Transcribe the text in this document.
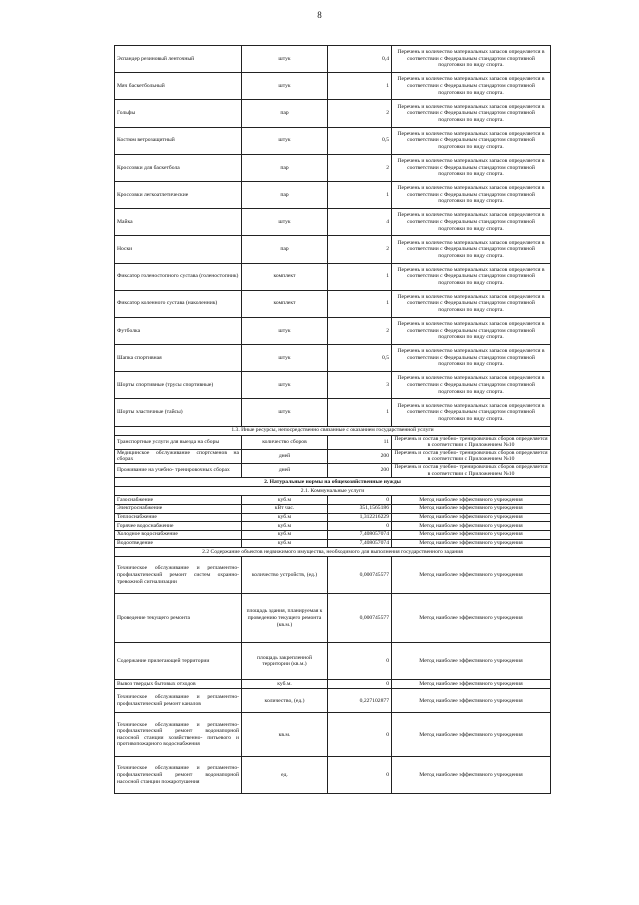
8
Эспандер резиновый ленточный	штук	0,4	Перечень и количество материальных запасов определяется в соответствии с Федеральным стандартом спортивной подготовки по виду спорта.
Мяч баскетбольный	штук	1	Перечень и количество материальных запасов определяется в соответствии с Федеральным стандартом спортивной подготовки по виду спорта.
Гольфы	пар	2	Перечень и количество материальных запасов определяется в соответствии с Федеральным стандартом спортивной подготовки по виду спорта.
Костюм ветрозащитный	штук	0,5	Перечень и количество материальных запасов определяется в соответствии с Федеральным стандартом спортивной подготовки по виду спорта.
Кроссовки для баскетбола	пар	2	Перечень и количество материальных запасов определяется в соответствии с Федеральным стандартом спортивной подготовки по виду спорта.
Кроссовки легкоатлетические	пар	1	Перечень и количество материальных запасов определяется в соответствии с Федеральным стандартом спортивной подготовки по виду спорта.
Майка	штук	4	Перечень и количество материальных запасов определяется в соответствии с Федеральным стандартом спортивной подготовки по виду спорта.
Носки	пар	2	Перечень и количество материальных запасов определяется в соответствии с Федеральным стандартом спортивной подготовки по виду спорта.
Фиксатор голеностопного сустава (голеностопник)	комплект	1	Перечень и количество материальных запасов определяется в соответствии с Федеральным стандартом спортивной подготовки по виду спорта.
Фиксатор коленного сустава (наколенник)	комплект	1	Перечень и количество материальных запасов определяется в соответствии с Федеральным стандартом спортивной подготовки по виду спорта.
Футболка	штук	2	Перечень и количество материальных запасов определяется в соответствии с Федеральным стандартом спортивной подготовки по виду спорта.
Шапка спортивная	штук	0,5	Перечень и количество материальных запасов определяется в соответствии с Федеральным стандартом спортивной подготовки по виду спорта.
Шорты спортивные (трусы спортивные)	штук	3	Перечень и количество материальных запасов определяется в соответствии с Федеральным стандартом спортивной подготовки по виду спорта.
Шорты эластичные (тайсы)	штук	1	Перечень и количество материальных запасов определяется в соответствии с Федеральным стандартом спортивной подготовки по виду спорта.
1.3. Иные ресурсы, непосредственно связанные с оказанием государственной услуги			
Транспортные услуги для выезда на сборы	количество сборов	11	Перечень и состав учебно- тренировочных сборов определяется в соответствии с Приложением №10
Медицинское обслуживание спортсменов на сборах	дней	200	Перечень и состав учебно- тренировочных сборов определяется в соответствии с Приложением №10
Проживание на учебно- тренировочных сборах	дней	200	Перечень и состав учебно- тренировочных сборов определяется в соответствии с Приложением №10
2. Натуральные нормы на общехозяйственные нужды			
2.1. Коммунальные услуги			
Газоснабжение	куб.м	0	Метод наиболее эффективного учреждения
Электроснабжение	кВт час.	351,1565186	Метод наиболее эффективного учреждения
Теплоснабжение	куб.м	1,312216229	Метод наиболее эффективного учреждения
Горячее водоснабжение	куб.м	0	Метод наиболее эффективного учреждения
Холодное водоснабжение	куб.м	7,408057074	Метод наиболее эффективного учреждения
Водоотведение	куб.м	7,408057074	Метод наиболее эффективного учреждения
2.2 Содержание объектов недвижимого имущества, необходимого для выполнения государственного задания			
Техническое обслуживание и регламентно- профилактический ремонт систем охранно- тревожной сигнализации	количество устройств, (ед.)	0,000745577	Метод наиболее эффективного учреждения
Проведение текущего ремонта	площадь здания, планируемая к проведению текущего ремонта (кв.м.)	0,000745577	Метод наиболее эффективного учреждения
Содержание прилегающей территории	площадь закрепленной территории (кв.м.)	0	Метод наиболее эффективного учреждения
Вывоз твердых бытовых отходов	куб.м.	0	Метод наиболее эффективного учреждения
Техническое обслуживание и регламентно- профилактический ремонт каналов	количество, (ед.)	0,227102877	Метод наиболее эффективного учреждения
Техническое обслуживание и регламентно- профилактический ремонт водонапорной насосной станции хозяйственно- питьевого и противопожарного водоснабжения	кв.м.	0	Метод наиболее эффективного учреждения
Техническое обслуживание и регламентно- профилактический ремонт водонапорной насосной станции пожаротушения	ед.	0	Метод наиболее эффективного учреждения
